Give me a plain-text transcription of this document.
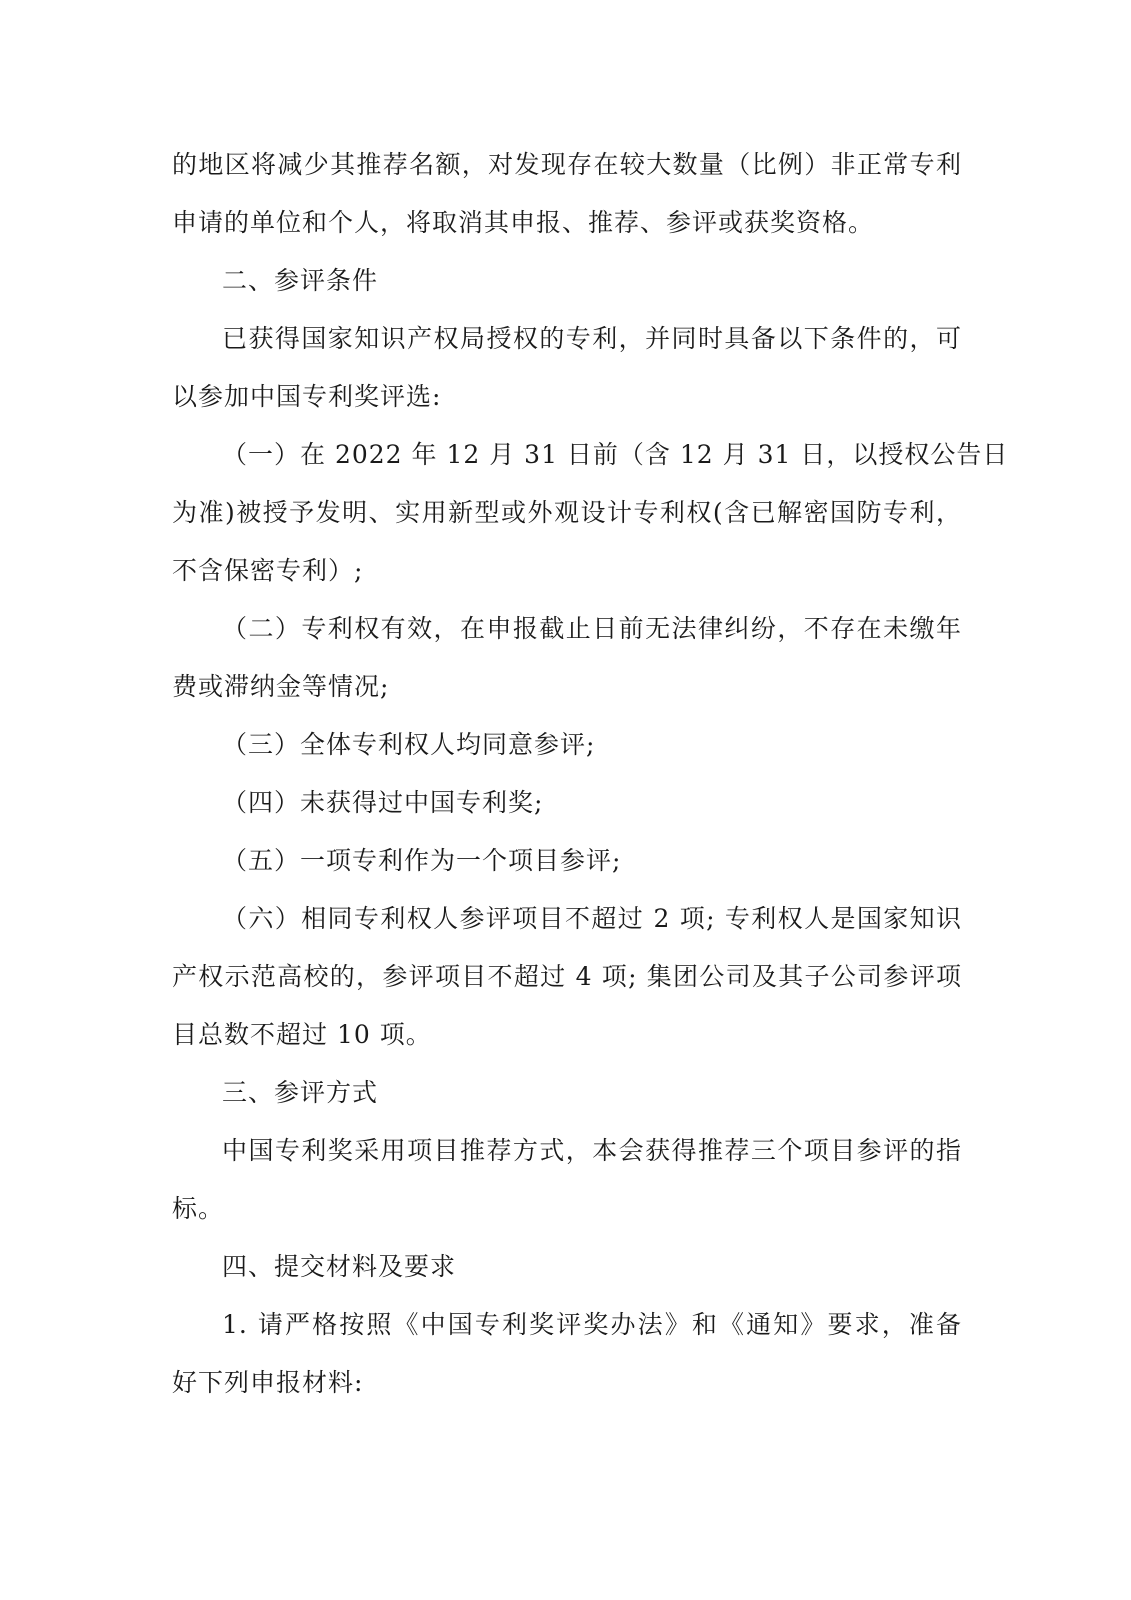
的地区将减少其推荐名额，对发现存在较大数量（比例）非正常专利
申请的单位和个人，将取消其申报、推荐、参评或获奖资格。
二、参评条件
已获得国家知识产权局授权的专利，并同时具备以下条件的，可
以参加中国专利奖评选:
（一）在 2022 年 12 月 31 日前（含 12 月 31 日，以授权公告日
为准)被授予发明、实用新型或外观设计专利权(含已解密国防专利，
不含保密专利）;
（二）专利权有效，在申报截止日前无法律纠纷，不存在未缴年
费或滞纳金等情况;
（三）全体专利权人均同意参评;
（四）未获得过中国专利奖;
（五）一项专利作为一个项目参评;
（六）相同专利权人参评项目不超过 2 项; 专利权人是国家知识
产权示范高校的，参评项目不超过 4 项; 集团公司及其子公司参评项
目总数不超过 10 项。
三、参评方式
中国专利奖采用项目推荐方式，本会获得推荐三个项目参评的指
标。
四、提交材料及要求
1. 请严格按照《中国专利奖评奖办法》和《通知》要求，准备
好下列申报材料:
